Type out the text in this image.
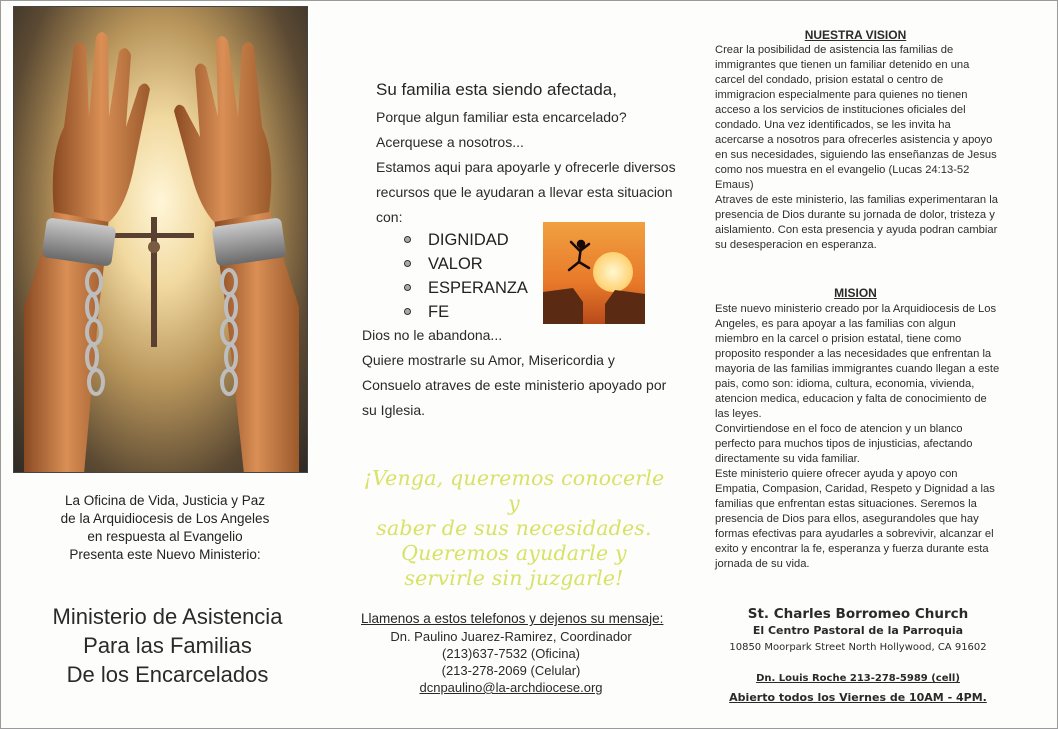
La Oficina de Vida, Justicia y Paz
de la Arquidiocesis de Los Angeles
en respuesta al Evangelio
Presenta este Nuevo Ministerio:
Ministerio de Asistencia
Para las Familias
De los Encarcelados
Su familia esta siendo afectada,
Porque algun familiar esta encarcelado?
Acerquese a nosotros...
Estamos aqui para apoyarle y ofrecerle diversos
recursos que le ayudaran a llevar esta situacion
con:
DIGNIDAD
VALOR
ESPERANZA
FE
Dios no le abandona...
Quiere mostrarle su Amor, Misericordia y
Consuelo atraves de este ministerio apoyado por
su Iglesia.
¡Venga, queremos conocerle y
saber de sus necesidades.
Queremos ayudarle y
servirle sin juzgarle!
Llamenos a estos telefonos y dejenos su mensaje:
Dn. Paulino Juarez-Ramirez, Coordinador
(213)637-7532 (Oficina)
(213-278-2069 (Celular)
dcnpaulino@la-archdiocese.org
NUESTRA VISION

Crear la posibilidad de asistencia las familias de immigrantes que tienen un familiar detenido en una carcel del condado, prision estatal o centro de immigracion especialmente para quienes no tienen acceso a los servicios de instituciones oficiales del condado. Una vez identificados, se les invita ha acercarse a nosotros para ofrecerles asistencia y apoyo en sus necesidades, siguiendo las enseñanzas de Jesus como nos muestra en el evangelio (Lucas 24:13-52 Emaus)

Atraves de este ministerio, las familias experimentaran la presencia de Dios durante su jornada de dolor, tristeza y aislamiento. Con esta presencia y ayuda podran cambiar su desesperacion en esperanza.

MISION

Este nuevo ministerio creado por la Arquidiocesis de Los Angeles, es para apoyar a las familias con algun miembro en la carcel o prision estatal, tiene como proposito responder a las necesidades que enfrentan la mayoria de las familias immigrantes cuando llegan a este pais, como son: idioma, cultura, economia, vivienda, atencion medica, educacion y falta de conocimiento de las leyes.

Convirtiendose en el foco de atencion y un blanco perfecto para muchos tipos de injusticias, afectando directamente su vida familiar.

Este ministerio quiere ofrecer ayuda y apoyo con Empatia, Compasion, Caridad, Respeto y Dignidad a las familias que enfrentan estas situaciones. Seremos la presencia de Dios para ellos, asegurandoles que hay formas efectivas para ayudarles a sobrevivir, alcanzar el exito y encontrar la fe, esperanza y fuerza durante esta jornada de su vida.

St. Charles Borromeo Church
El Centro Pastoral de la Parroquia
10850 Moorpark Street North Hollywood, CA 91602
Dn. Louis Roche 213-278-5989 (cell)
Abierto todos los Viernes de 10AM - 4PM.
